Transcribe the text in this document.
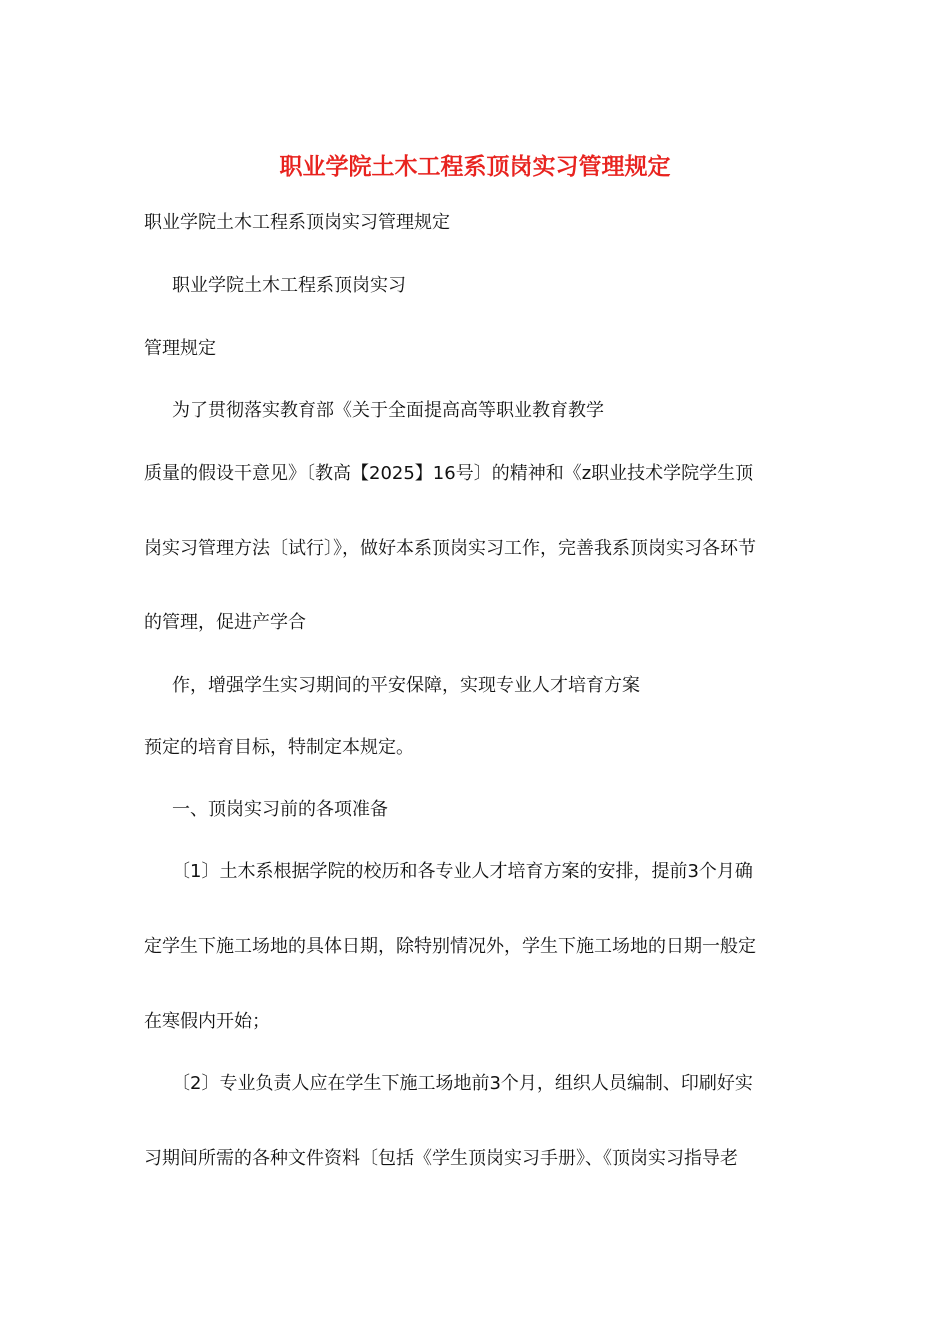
职业学院土木工程系顶岗实习管理规定
职业学院土木工程系顶岗实习管理规定
职业学院土木工程系顶岗实习
管理规定
为了贯彻落实教育部《关于全面提高高等职业教育教学
质量的假设干意见》〔教高【2025】16号〕的精神和《z职业技术学院学生顶
岗实习管理方法〔试行〕》，做好本系顶岗实习工作，完善我系顶岗实习各环节
的管理，促进产学合
作，增强学生实习期间的平安保障，实现专业人才培育方案
预定的培育目标，特制定本规定。
一、顶岗实习前的各项准备
〔1〕土木系根据学院的校历和各专业人才培育方案的安排，提前3个月确
定学生下施工场地的具体日期，除特别情况外，学生下施工场地的日期一般定
在寒假内开始；
〔2〕专业负责人应在学生下施工场地前3个月，组织人员编制、印刷好实
习期间所需的各种文件资料〔包括《学生顶岗实习手册》、《顶岗实习指导老
